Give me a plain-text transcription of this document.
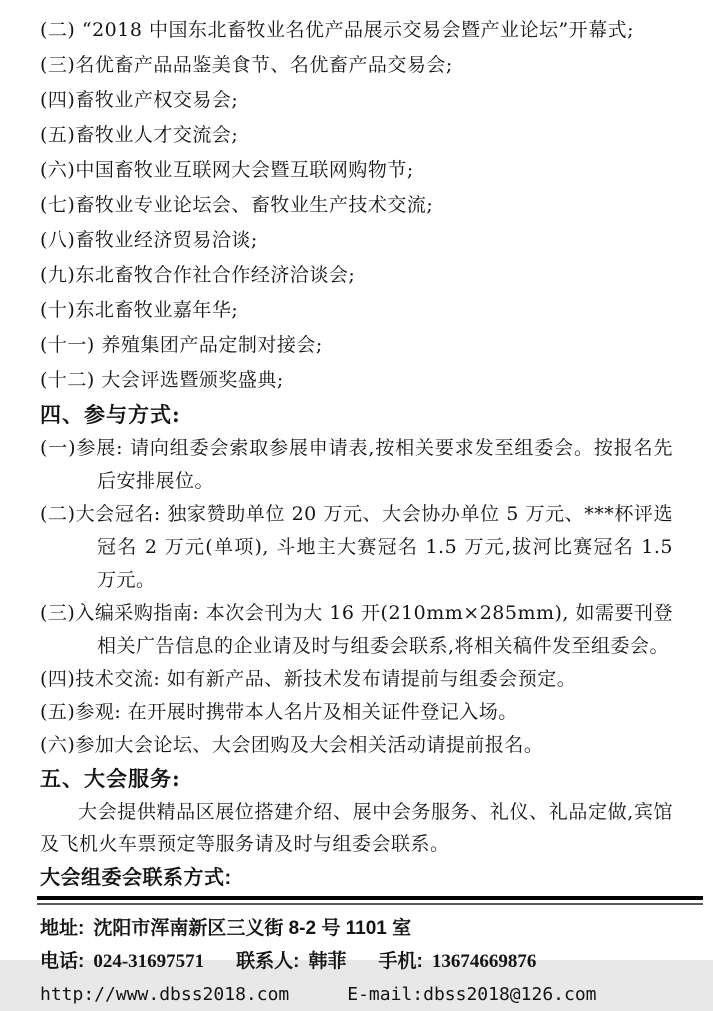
(二) “2018 中国东北畜牧业名优产品展示交易会暨产业论坛”开幕式;

(三)名优畜产品品鉴美食节、名优畜产品交易会;

(四)畜牧业产权交易会;

(五)畜牧业人才交流会;

(六)中国畜牧业互联网大会暨互联网购物节;

(七)畜牧业专业论坛会、畜牧业生产技术交流;

(八)畜牧业经济贸易洽谈;

(九)东北畜牧合作社合作经济洽谈会;

(十)东北畜牧业嘉年华;

(十一) 养殖集团产品定制对接会;

(十二) 大会评选暨颁奖盛典;

四、参与方式:

(一)参展: 请向组委会索取参展申请表,按相关要求发至组委会。按报名先后安排展位。

(二)大会冠名: 独家赞助单位 20 万元、大会协办单位 5 万元、***杯评选冠名 2 万元(单项), 斗地主大赛冠名 1.5 万元,拔河比赛冠名 1.5 万元。

(三)入编采购指南: 本次会刊为大 16 开(210mm×285mm), 如需要刊登相关广告信息的企业请及时与组委会联系,将相关稿件发至组委会。

(四)技术交流: 如有新产品、新技术发布请提前与组委会预定。

(五)参观: 在开展时携带本人名片及相关证件登记入场。

(六)参加大会论坛、大会团购及大会相关活动请提前报名。

五、大会服务:

大会提供精品区展位搭建介绍、展中会务服务、礼仪、礼品定做,宾馆及飞机火车票预定等服务请及时与组委会联系。

大会组委会联系方式:
地址: 沈阳市浑南新区三义街 8-2 号 1101 室
电话: 024-31697571 联系人: 韩菲 手机: 13674669876
http://www.dbss2018.com	E-mail:dbss2018@126.com
